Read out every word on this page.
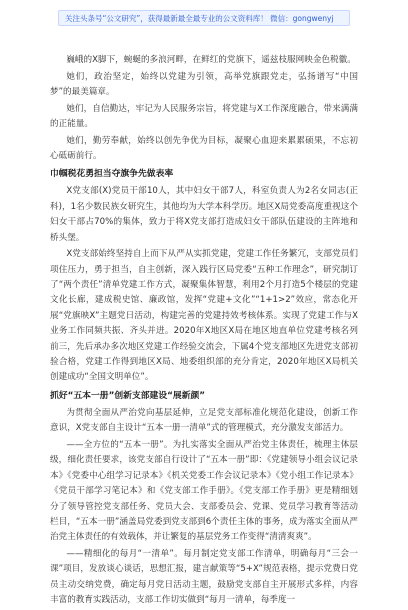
关注头条号“公文研究”，获得最新最全最专业的公文资料库！ 微信：gongwenyj

巍峨的X脚下，蜿蜒的多浪河畔，在鲜红的党旗下，遥兹枝服网映金色税徽。

她们，政治坚定，始终以党建为引领，高举党旗跟党走，弘扬谱写“中国梦”的最美篇章。

她们，自信勤达，牢记为人民服务宗旨，将党建与X工作深度融合，带来满满的正能量。

她们，勤劳奉献，始终以创先争优为目标，凝聚心血迎来累累硕果，不忘初心砥砺前行。

巾帼税花勇担当夺旗争先做表率

X党支部(X)党员干部10人，其中妇女干部7人，科室负责人为2名女同志(正科)，1名少数民族女研究生，其他均为大学本科学历。地区X局党委高度重视这个妇女干部占70%的集体，致力于将X党支部打造成妇女干部队伍建设的主阵地和桥头堡。

X党支部始终坚持自上而下从严从实抓党建，党建工作任务繁冗，支部党员们项住压力，勇于担当，自主创新，深入践行区局党委“五种工作理念”，研究制订了“两个责任”清单党建工作方式，凝聚集体智慧，利用2个月打造5个楼层的党建文化长廊，建成税史馆、廉政馆，发挥“党建+文化”“1+1>2”效应，常态化开展“党旗映X”主题党日活动，构建完善的党建持效考核体系。实现了党建工作与X业务工作同频共振、齐头并进。2020年X地区X局在地区地直单位党建考核名列前三，先后承办多次地区党建工作经验交流会，下属4个党支部地区先进党支部初验合格，党建工作得到地区X局、地委组织部的充分肯定，2020年地区X局机关创建成功“全国文明单位”。

抓好“五本一册”创新支部建设“展新颜”

为贯彻全面从严治党向基层延伸，立足党支部标准化规范化建设，创新工作意识，X党支部自主设计“五本一册一清单”式的管理模式，充分激发支部活力。

——全方位的“五本一册”。为扎实落实全面从严治党主体责任，梳理主体层级，细化责任要求，该党支部自行设计了“五本一册”即：《党建领导小组会议记录本》《党委中心组学习记录本》《机关党委工作会议记录本》《党小组工作记录本》《党员干部学习笔记本》和《党支部工作手册》。《党支部工作手册》更是精细划分了领导管控党支部任务、党员大会、支部委员会、党课、党员学习教育等活动栏目，“五本一册”涵盖局党委到党支部到6个责任主体的事务，成为落实全面从严治党主体责任的有效载体，并让繁复的基层党务工作变得“清清爽爽”。

——精细化的每月“一清单”。每月制定党支部工作清单，明确每月“三会一课”项目，发放谈心谈话，思想汇报，建言献策等“5+X”规范表格，提示党费日党员主动交纳党费，确定每月党日活动主题，鼓励党支部自主开展形式多样，内容丰富的教育实践活动，支部工作切实做到“每月一清单，每季度一
